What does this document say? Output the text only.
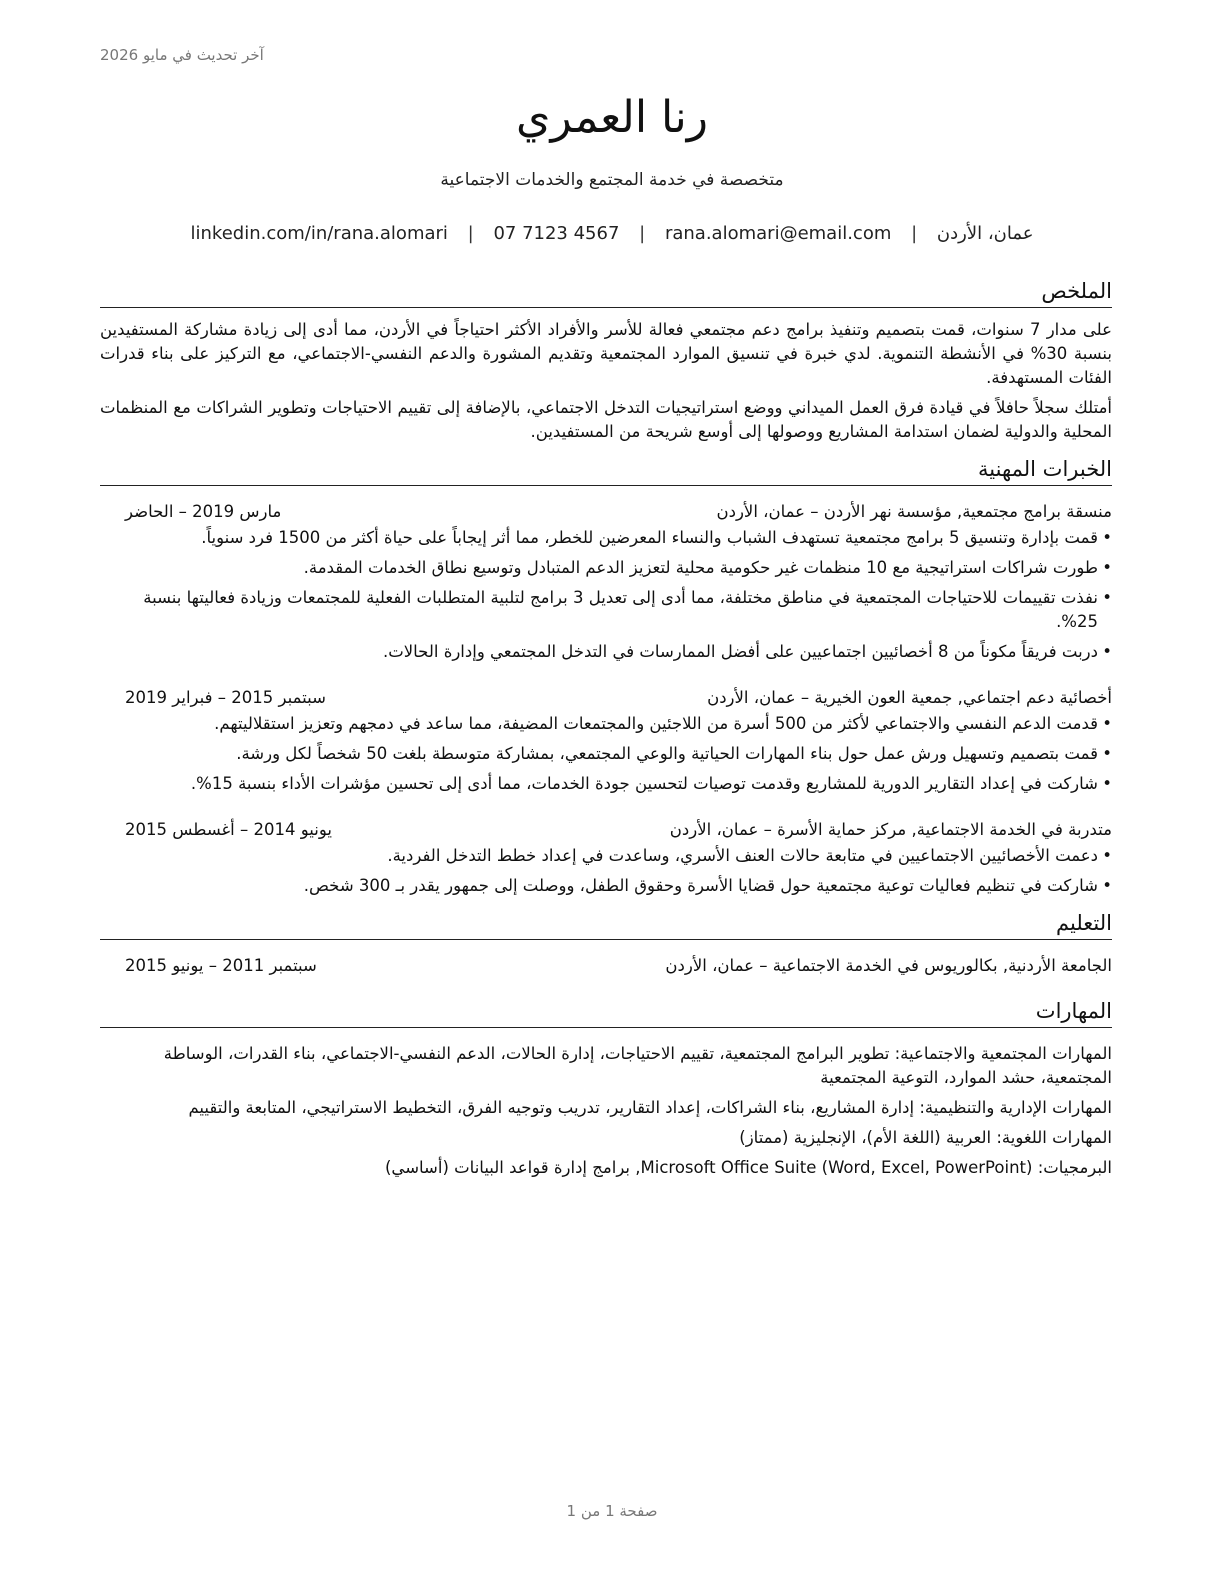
آخر تحديث في مايو 2026
رنا العمري
متخصصة في خدمة المجتمع والخدمات الاجتماعية
عمان، الأردن | rana.alomari@email.com | 07 7123 4567 | linkedin.com/in/rana.alomari
الملخص

على مدار 7 سنوات، قمت بتصميم وتنفيذ برامج دعم مجتمعي فعالة للأسر والأفراد الأكثر احتياجاً في الأردن، مما أدى إلى زيادة مشاركة المستفيدين بنسبة 30% في الأنشطة التنموية. لدي خبرة في تنسيق الموارد المجتمعية وتقديم المشورة والدعم النفسي-الاجتماعي، مع التركيز على بناء قدرات الفئات المستهدفة.

أمتلك سجلاً حافلاً في قيادة فرق العمل الميداني ووضع استراتيجيات التدخل الاجتماعي، بالإضافة إلى تقييم الاحتياجات وتطوير الشراكات مع المنظمات المحلية والدولية لضمان استدامة المشاريع ووصولها إلى أوسع شريحة من المستفيدين.

الخبرات المهنية
منسقة برامج مجتمعية, مؤسسة نهر الأردن – عمان، الأردن
مارس 2019 – الحاضر
• قمت بإدارة وتنسيق 5 برامج مجتمعية تستهدف الشباب والنساء المعرضين للخطر، مما أثر إيجاباً على حياة أكثر من 1500 فرد سنوياً.
• طورت شراكات استراتيجية مع 10 منظمات غير حكومية محلية لتعزيز الدعم المتبادل وتوسيع نطاق الخدمات المقدمة.
• نفذت تقييمات للاحتياجات المجتمعية في مناطق مختلفة، مما أدى إلى تعديل 3 برامج لتلبية المتطلبات الفعلية للمجتمعات وزيادة فعاليتها بنسبة 25%.
• دربت فريقاً مكوناً من 8 أخصائيين اجتماعيين على أفضل الممارسات في التدخل المجتمعي وإدارة الحالات.
أخصائية دعم اجتماعي, جمعية العون الخيرية – عمان، الأردن
سبتمبر 2015 – فبراير 2019
• قدمت الدعم النفسي والاجتماعي لأكثر من 500 أسرة من اللاجئين والمجتمعات المضيفة، مما ساعد في دمجهم وتعزيز استقلاليتهم.
• قمت بتصميم وتسهيل ورش عمل حول بناء المهارات الحياتية والوعي المجتمعي، بمشاركة متوسطة بلغت 50 شخصاً لكل ورشة.
• شاركت في إعداد التقارير الدورية للمشاريع وقدمت توصيات لتحسين جودة الخدمات، مما أدى إلى تحسين مؤشرات الأداء بنسبة 15%.
متدربة في الخدمة الاجتماعية, مركز حماية الأسرة – عمان، الأردن
يونيو 2014 – أغسطس 2015
• دعمت الأخصائيين الاجتماعيين في متابعة حالات العنف الأسري، وساعدت في إعداد خطط التدخل الفردية.
• شاركت في تنظيم فعاليات توعية مجتمعية حول قضايا الأسرة وحقوق الطفل، ووصلت إلى جمهور يقدر بـ 300 شخص.
التعليم
الجامعة الأردنية, بكالوريوس في الخدمة الاجتماعية – عمان، الأردن
سبتمبر 2011 – يونيو 2015
المهارات
المهارات المجتمعية والاجتماعية: تطوير البرامج المجتمعية، تقييم الاحتياجات، إدارة الحالات، الدعم النفسي-الاجتماعي، بناء القدرات، الوساطة المجتمعية، حشد الموارد، التوعية المجتمعية
المهارات الإدارية والتنظيمية: إدارة المشاريع، بناء الشراكات، إعداد التقارير، تدريب وتوجيه الفرق، التخطيط الاستراتيجي، المتابعة والتقييم
المهارات اللغوية: العربية (اللغة الأم)، الإنجليزية (ممتاز)
البرمجيات: Microsoft Office Suite (Word, Excel, PowerPoint), برامج إدارة قواعد البيانات (أساسي)
صفحة 1 من 1
